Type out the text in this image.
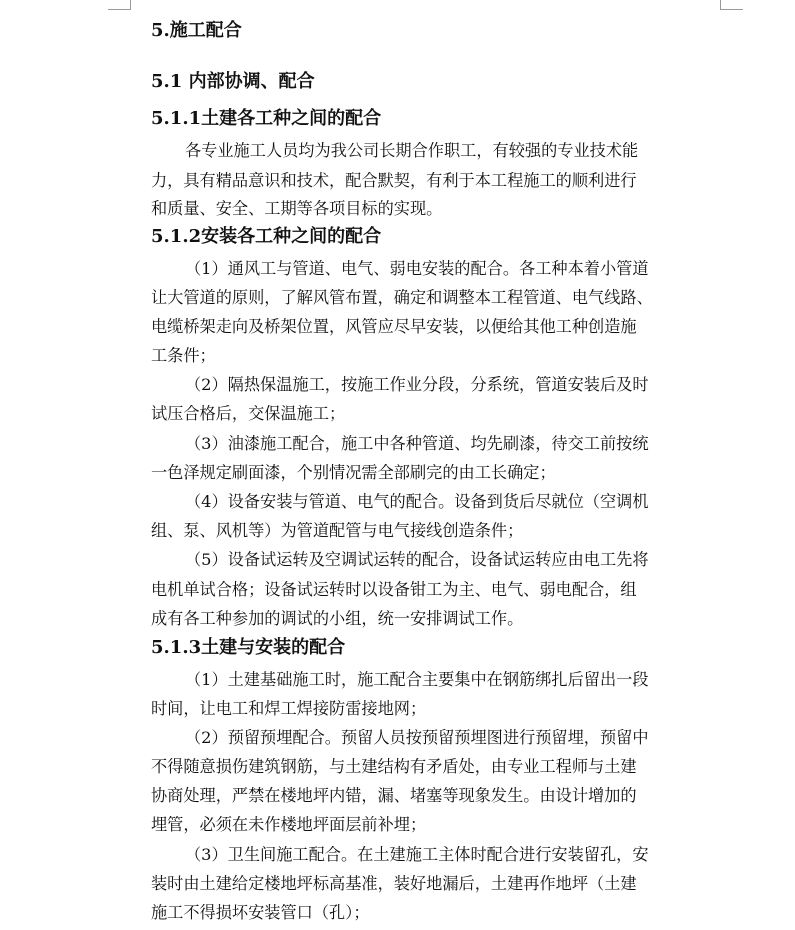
5.施工配合
5.1 内部协调、配合
5.1.1土建各工种之间的配合
各专业施工人员均为我公司长期合作职工，有较强的专业技术能
力，具有精品意识和技术，配合默契，有利于本工程施工的顺利进行
和质量、安全、工期等各项目标的实现。
5.1.2安装各工种之间的配合
（1）通风工与管道、电气、弱电安装的配合。各工种本着小管道
让大管道的原则，了解风管布置，确定和调整本工程管道、电气线路、
电缆桥架走向及桥架位置，风管应尽早安装，以便给其他工种创造施
工条件；
（2）隔热保温施工，按施工作业分段，分系统，管道安装后及时
试压合格后，交保温施工；
（3）油漆施工配合，施工中各种管道、均先刷漆，待交工前按统
一色泽规定刷面漆，个别情况需全部刷完的由工长确定；
（4）设备安装与管道、电气的配合。设备到货后尽就位（空调机
组、泵、风机等）为管道配管与电气接线创造条件；
（5）设备试运转及空调试运转的配合，设备试运转应由电工先将
电机单试合格；设备试运转时以设备钳工为主、电气、弱电配合，组
成有各工种参加的调试的小组，统一安排调试工作。
5.1.3土建与安装的配合
（1）土建基础施工时，施工配合主要集中在钢筋绑扎后留出一段
时间，让电工和焊工焊接防雷接地网；
（2）预留预埋配合。预留人员按预留预埋图进行预留埋，预留中
不得随意损伤建筑钢筋，与土建结构有矛盾处，由专业工程师与土建
协商处理，严禁在楼地坪内错，漏、堵塞等现象发生。由设计增加的
埋管，必须在未作楼地坪面层前补埋；
（3）卫生间施工配合。在土建施工主体时配合进行安装留孔，安
装时由土建给定楼地坪标高基准，装好地漏后，土建再作地坪（土建
施工不得损坏安装管口（孔）；
